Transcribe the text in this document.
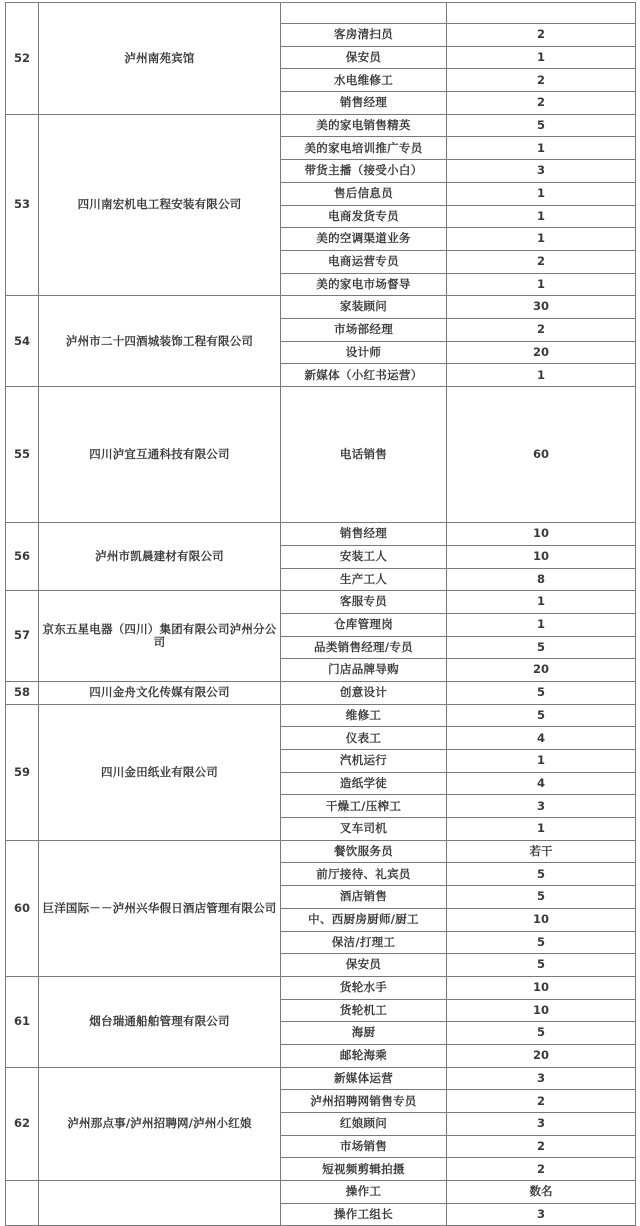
52	泸州南苑宾馆		
		客房清扫员	2
		保安员	1
		水电维修工	2
		销售经理	2
53	四川南宏机电工程安装有限公司	美的家电销售精英	5
		美的家电培训推广专员	1
		带货主播（接受小白）	3
		售后信息员	1
		电商发货专员	1
		美的空调渠道业务	1
		电商运营专员	2
		美的家电市场督导	1
54	泸州市二十四酒城装饰工程有限公司	家装顾问	30
		市场部经理	2
		设计师	20
		新媒体（小红书运营）	1
55	四川泸宜互通科技有限公司	电话销售	60

56	泸州市凯晨建材有限公司	销售经理	10
		安装工人	10
		生产工人	8
57	京东五星电器（四川）集团有限公司泸州分公司	客服专员	1
		仓库管理岗	1
		品类销售经理/专员	5
		门店品牌导购	20
58	四川金舟文化传媒有限公司	创意设计	5
59	四川金田纸业有限公司	维修工	5
		仪表工	4
		汽机运行	1
		造纸学徒	4
		干燥工/压榨工	3
		叉车司机	1
60	巨洋国际－－泸州兴华假日酒店管理有限公司	餐饮服务员	若干
		前厅接待、礼宾员	5
		酒店销售	5
		中、西厨房厨师/厨工	10
		保洁/打理工	5
		保安员	5
61	烟台瑞通船舶管理有限公司	货轮水手	10
		货轮机工	10
		海厨	5
		邮轮海乘	20
62	泸州那点事/泸州招聘网/泸州小红娘	新媒体运营	3
		泸州招聘网销售专员	2
		红娘顾问	3
		市场销售	2
		短视频剪辑拍摄	2
		操作工	数名
		操作工组长	3
